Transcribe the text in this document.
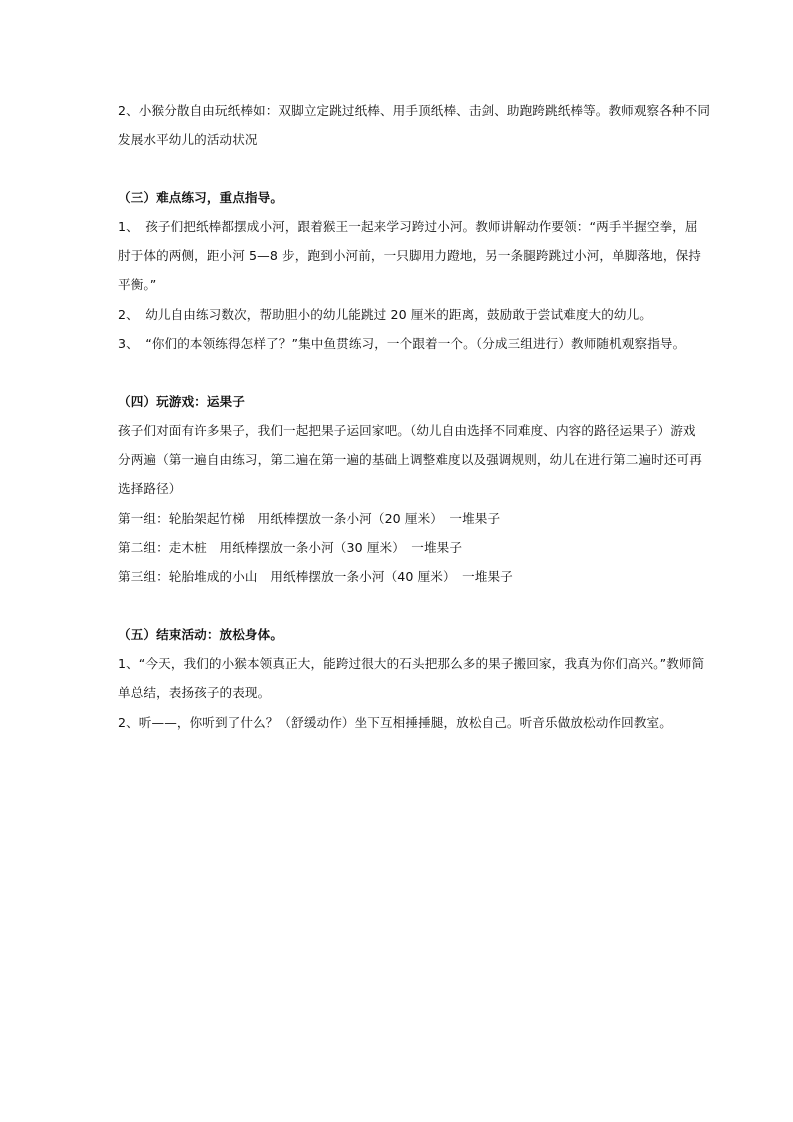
2、小猴分散自由玩纸棒如：双脚立定跳过纸棒、用手顶纸棒、击剑、助跑跨跳纸棒等。教师观察各种不同
发展水平幼儿的活动状况
（三）难点练习，重点指导。
1、　孩子们把纸棒都摆成小河，跟着猴王一起来学习跨过小河。教师讲解动作要领：“两手半握空拳，屈
肘于体的两侧，距小河 5—8 步，跑到小河前，一只脚用力蹬地，另一条腿跨跳过小河，单脚落地，保持
平衡。”
2、　幼儿自由练习数次，帮助胆小的幼儿能跳过 20 厘米的距离，鼓励敢于尝试难度大的幼儿。
3、　“你们的本领练得怎样了？”集中鱼贯练习，一个跟着一个。（分成三组进行）教师随机观察指导。
（四）玩游戏：运果子
孩子们对面有许多果子，我们一起把果子运回家吧。（幼儿自由选择不同难度、内容的路径运果子）游戏
分两遍（第一遍自由练习，第二遍在第一遍的基础上调整难度以及强调规则，幼儿在进行第二遍时还可再
选择路径）
第一组：轮胎架起竹梯　用纸棒摆放一条小河（20 厘米）　一堆果子
第二组：走木桩　用纸棒摆放一条小河（30 厘米）　一堆果子
第三组：轮胎堆成的小山　用纸棒摆放一条小河（40 厘米）　一堆果子
（五）结束活动：放松身体。
1、“今天，我们的小猴本领真正大，能跨过很大的石头把那么多的果子搬回家，我真为你们高兴。”教师简
单总结，表扬孩子的表现。
2、听——，你听到了什么？（舒缓动作）坐下互相捶捶腿，放松自己。听音乐做放松动作回教室。
